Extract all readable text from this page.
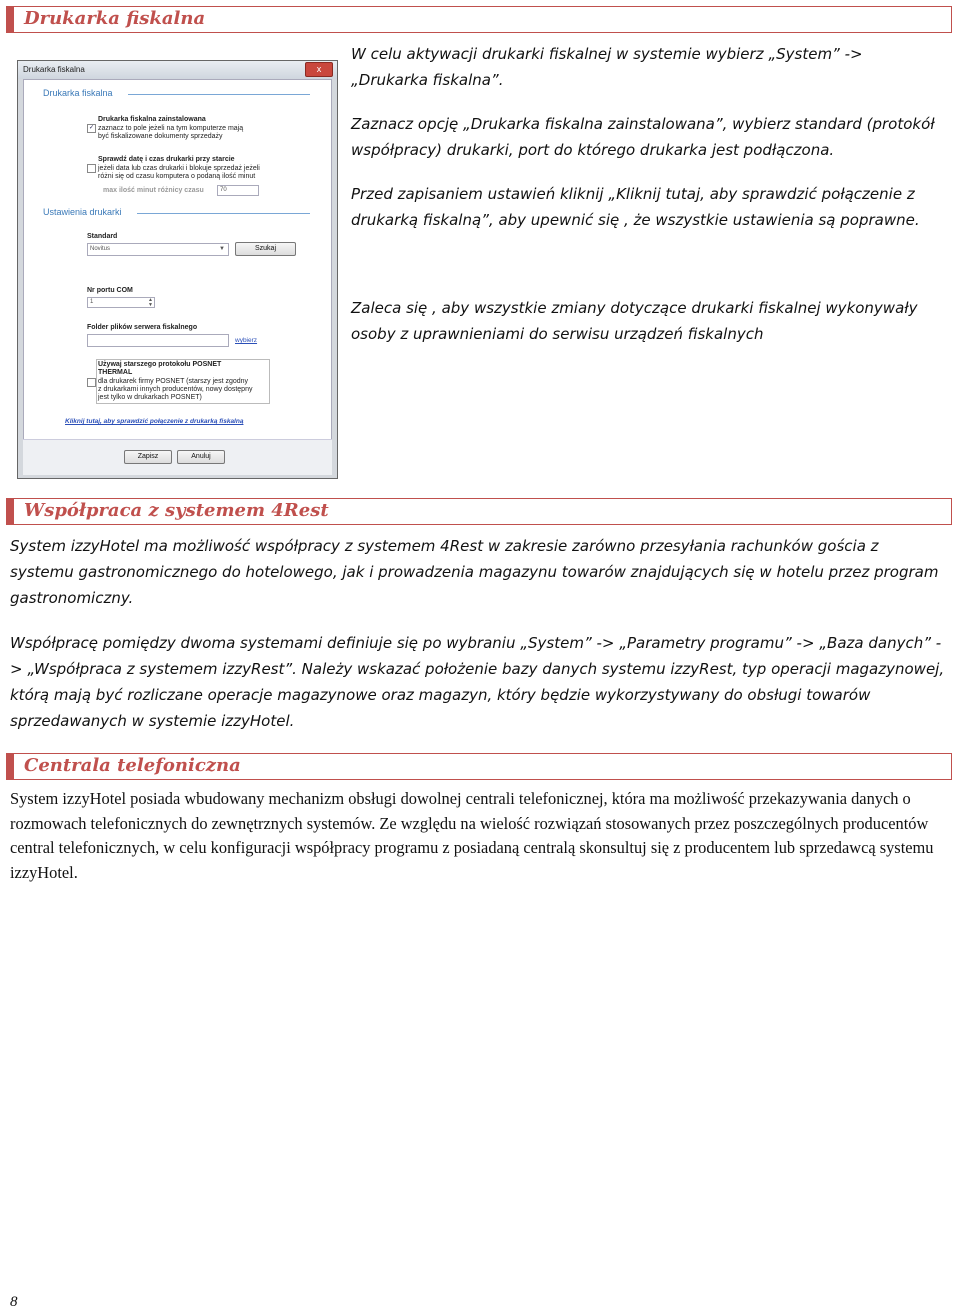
Drukarka fiskalna
Drukarka fiskalna	x
Drukarka fiskalna
✓
Drukarka fiskalna zainstalowana
zaznacz to pole jeżeli na tym komputerze mają
być fiskalizowane dokumenty sprzedaży
Sprawdź datę i czas drukarki przy starcie
jeżeli data lub czas drukarki i blokuje sprzedaż jeżeli
różni się od czasu komputera o podaną ilość minut
max ilość minut różnicy czasu	70
Ustawienia drukarki
Standard
Novitus	▼	Szukaj
Nr portu COM
1	▲
▼
Folder plików serwera fiskalnego
wybierz
Używaj starszego protokołu POSNET
THERMAL
dla drukarek firmy POSNET (starszy jest zgodny
z drukarkami innych producentów, nowy dostępny
jest tylko w drukarkach POSNET)
Kliknij tutaj, aby sprawdzić połączenie z drukarką fiskalną
Zapisz	Anuluj
W celu aktywacji drukarki fiskalnej w systemie wybierz „System” -> „Drukarka fiskalna”.
Zaznacz opcję „Drukarka fiskalna zainstalowana”, wybierz standard (protokół współpracy) drukarki, port do którego drukarka jest podłączona.
Przed zapisaniem ustawień kliknij „Kliknij tutaj, aby sprawdzić połączenie z drukarką fiskalną”, aby upewnić się , że wszystkie ustawienia są poprawne.
Zaleca się , aby wszystkie zmiany dotyczące drukarki fiskalnej wykonywały osoby z uprawnieniami do serwisu urządzeń fiskalnych
Współpraca z systemem 4Rest
System izzyHotel ma możliwość współpracy z systemem 4Rest w zakresie zarówno przesyłania rachunków gościa z systemu gastronomicznego do hotelowego, jak i prowadzenia magazynu towarów znajdujących się w hotelu przez program gastronomiczny.
Współpracę pomiędzy dwoma systemami definiuje się po wybraniu „System” -> „Parametry programu” -> „Baza danych” -> „Współpraca z systemem izzyRest”. Należy wskazać położenie bazy danych systemu izzyRest, typ operacji magazynowej, którą mają być rozliczane operacje magazynowe oraz magazyn, który będzie wykorzystywany do obsługi towarów sprzedawanych w systemie izzyHotel.
Centrala telefoniczna
System izzyHotel posiada wbudowany mechanizm obsługi dowolnej centrali telefonicznej, która ma możliwość przekazywania danych o rozmowach telefonicznych do zewnętrznych systemów. Ze względu na wielość rozwiązań stosowanych przez poszczególnych producentów central telefonicznych, w celu konfiguracji współpracy programu z posiadaną centralą skonsultuj się z producentem lub sprzedawcą systemu izzyHotel.
8
